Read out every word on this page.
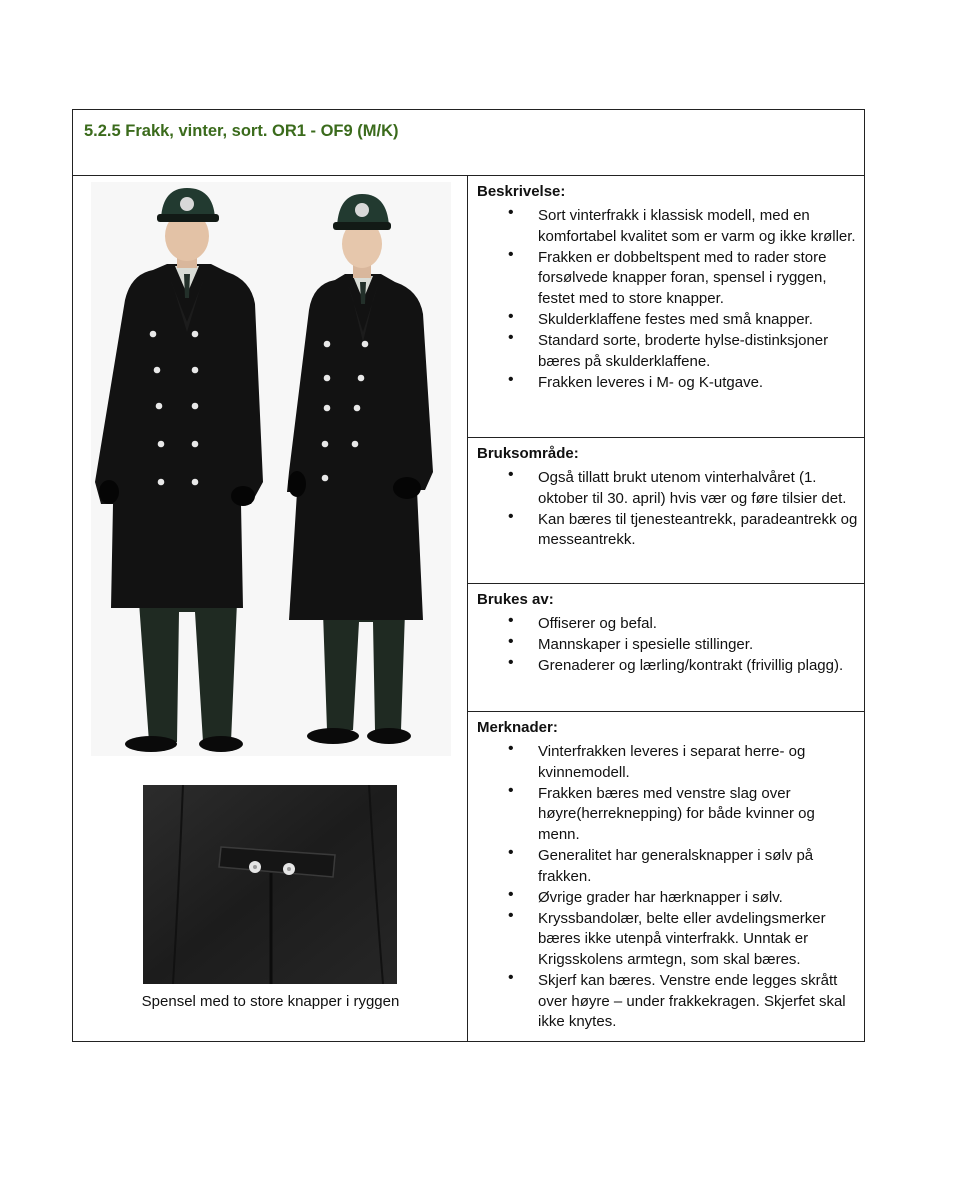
5.2.5 Frakk, vinter, sort. OR1 - OF9 (M/K)
Spensel med to store knapper i ryggen
Beskrivelse:
• Sort vinterfrakk i klassisk modell, med en komfortabel kvalitet som er varm og ikke krøller.
• Frakken er dobbeltspent med to rader store forsølvede knapper foran, spensel i ryggen, festet med to store knapper.
• Skulderklaffene festes med små knapper.
• Standard sorte, broderte hylse-distinksjoner bæres på skulderklaffene.
• Frakken leveres i M- og K-utgave.
Bruksområde:
• Også tillatt brukt utenom vinterhalvåret (1. oktober til 30. april) hvis vær og føre tilsier det.
• Kan bæres til tjenesteantrekk, paradeantrekk og messeantrekk.
Brukes av:
• Offiserer og befal.
• Mannskaper i spesielle stillinger.
• Grenaderer og lærling/kontrakt (frivillig plagg).
Merknader:
• Vinterfrakken leveres i separat herre- og kvinnemodell.
• Frakken bæres med venstre slag over høyre(herreknepping) for både kvinner og menn.
• Generalitet har generalsknapper i sølv på frakken.
• Øvrige grader har hærknapper i sølv.
• Kryssbandolær, belte eller avdelingsmerker bæres ikke utenpå vinterfrakk. Unntak er Krigsskolens armtegn, som skal bæres.
• Skjerf kan bæres. Venstre ende legges skrått over høyre – under frakkekragen. Skjerfet skal ikke knytes.
